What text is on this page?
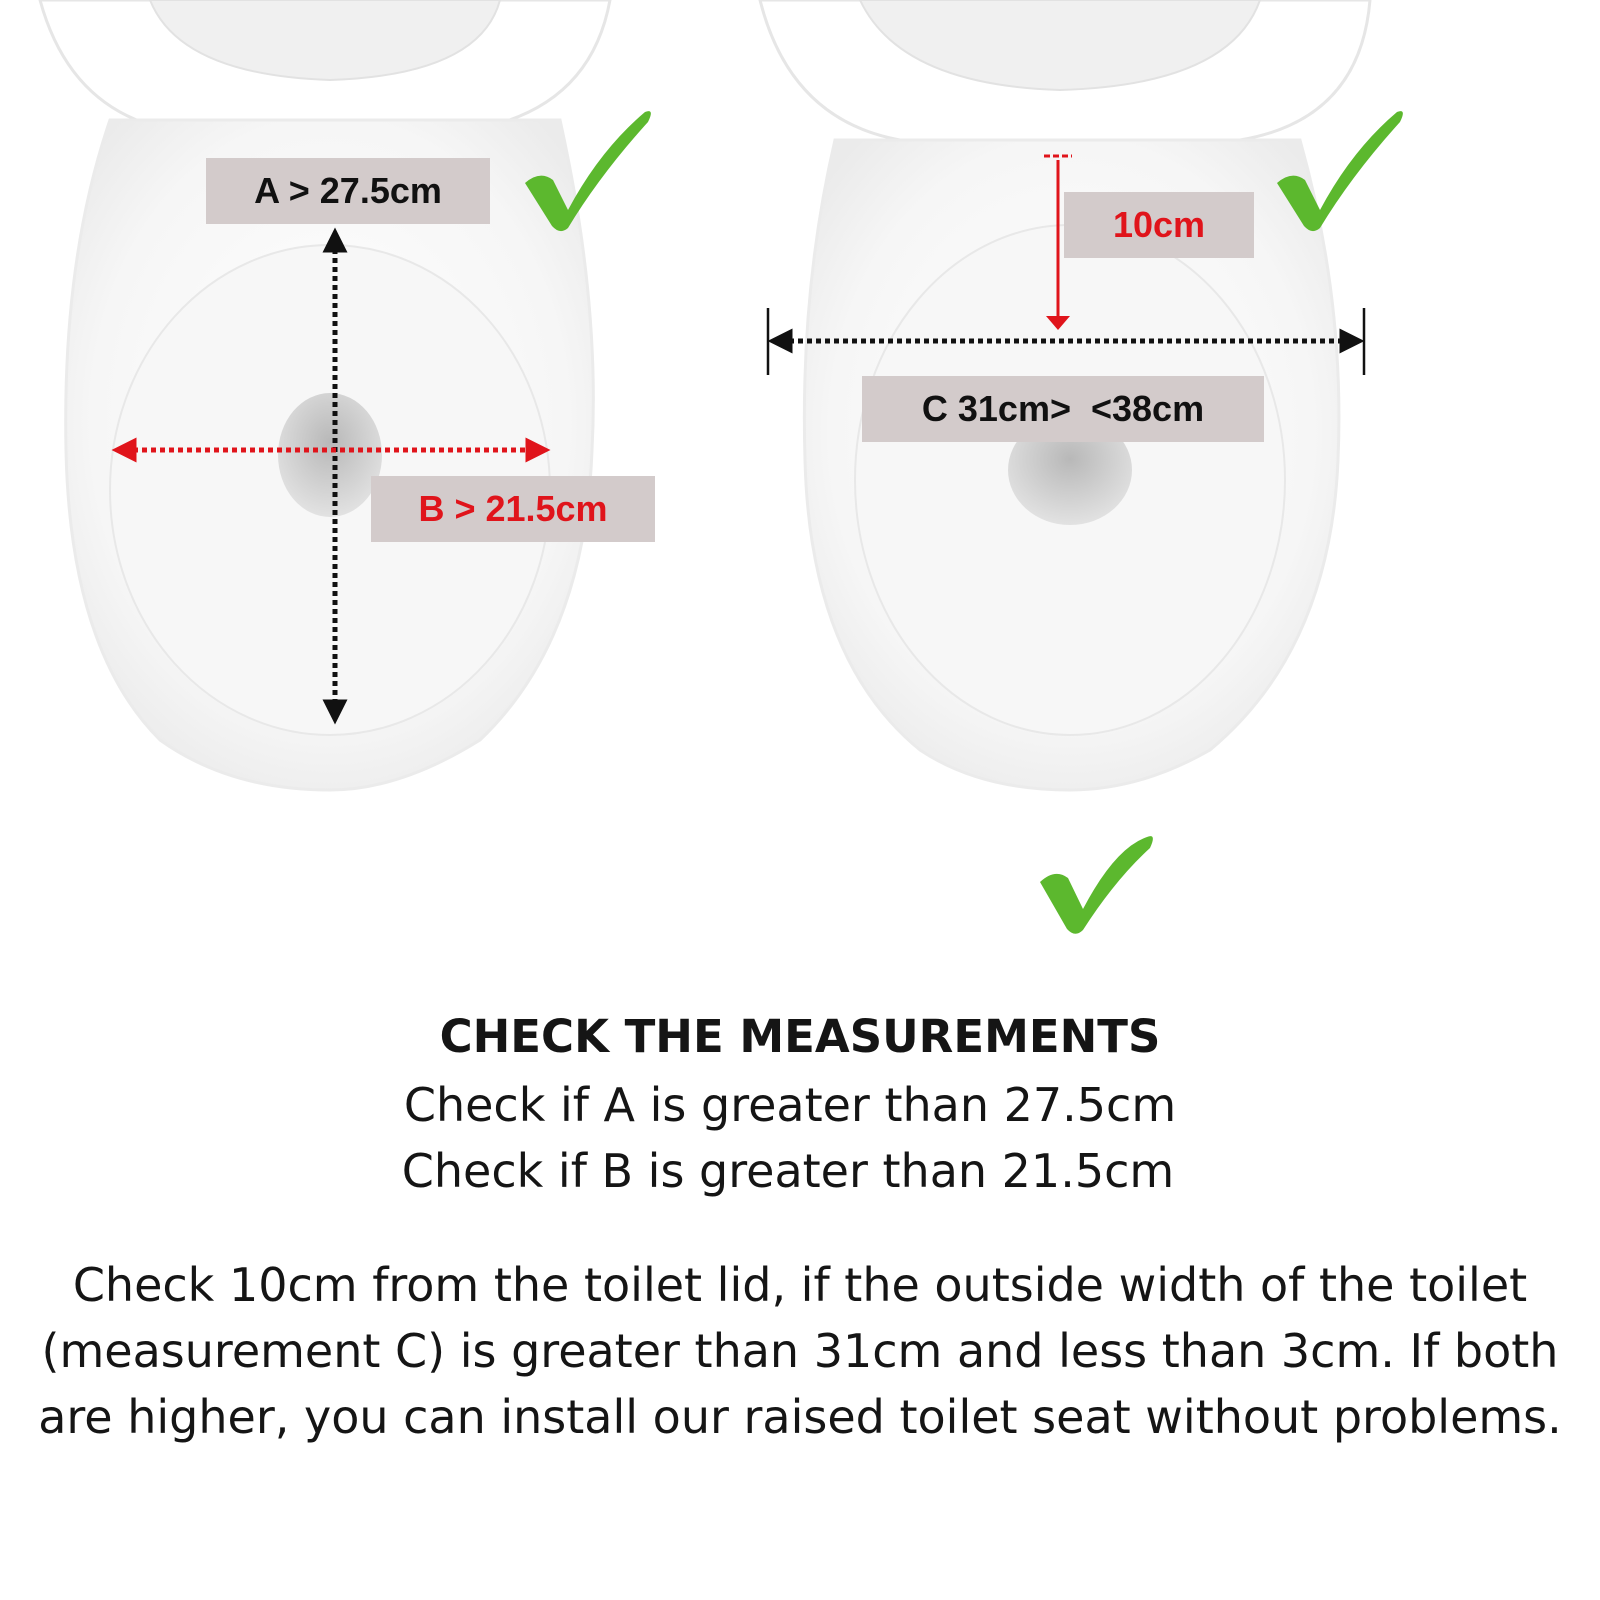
A > 27.5cm
B > 21.5cm
10cm
C 31cm>  <38cm
CHECK THE MEASUREMENTS
Check if A is greater than 27.5cm
Check if B is greater than 21.5cm
Check 10cm from the toilet lid, if the outside width of the toilet (measurement C) is greater than 31cm and less than 3cm. If both are higher, you can install our raised toilet seat without problems.
